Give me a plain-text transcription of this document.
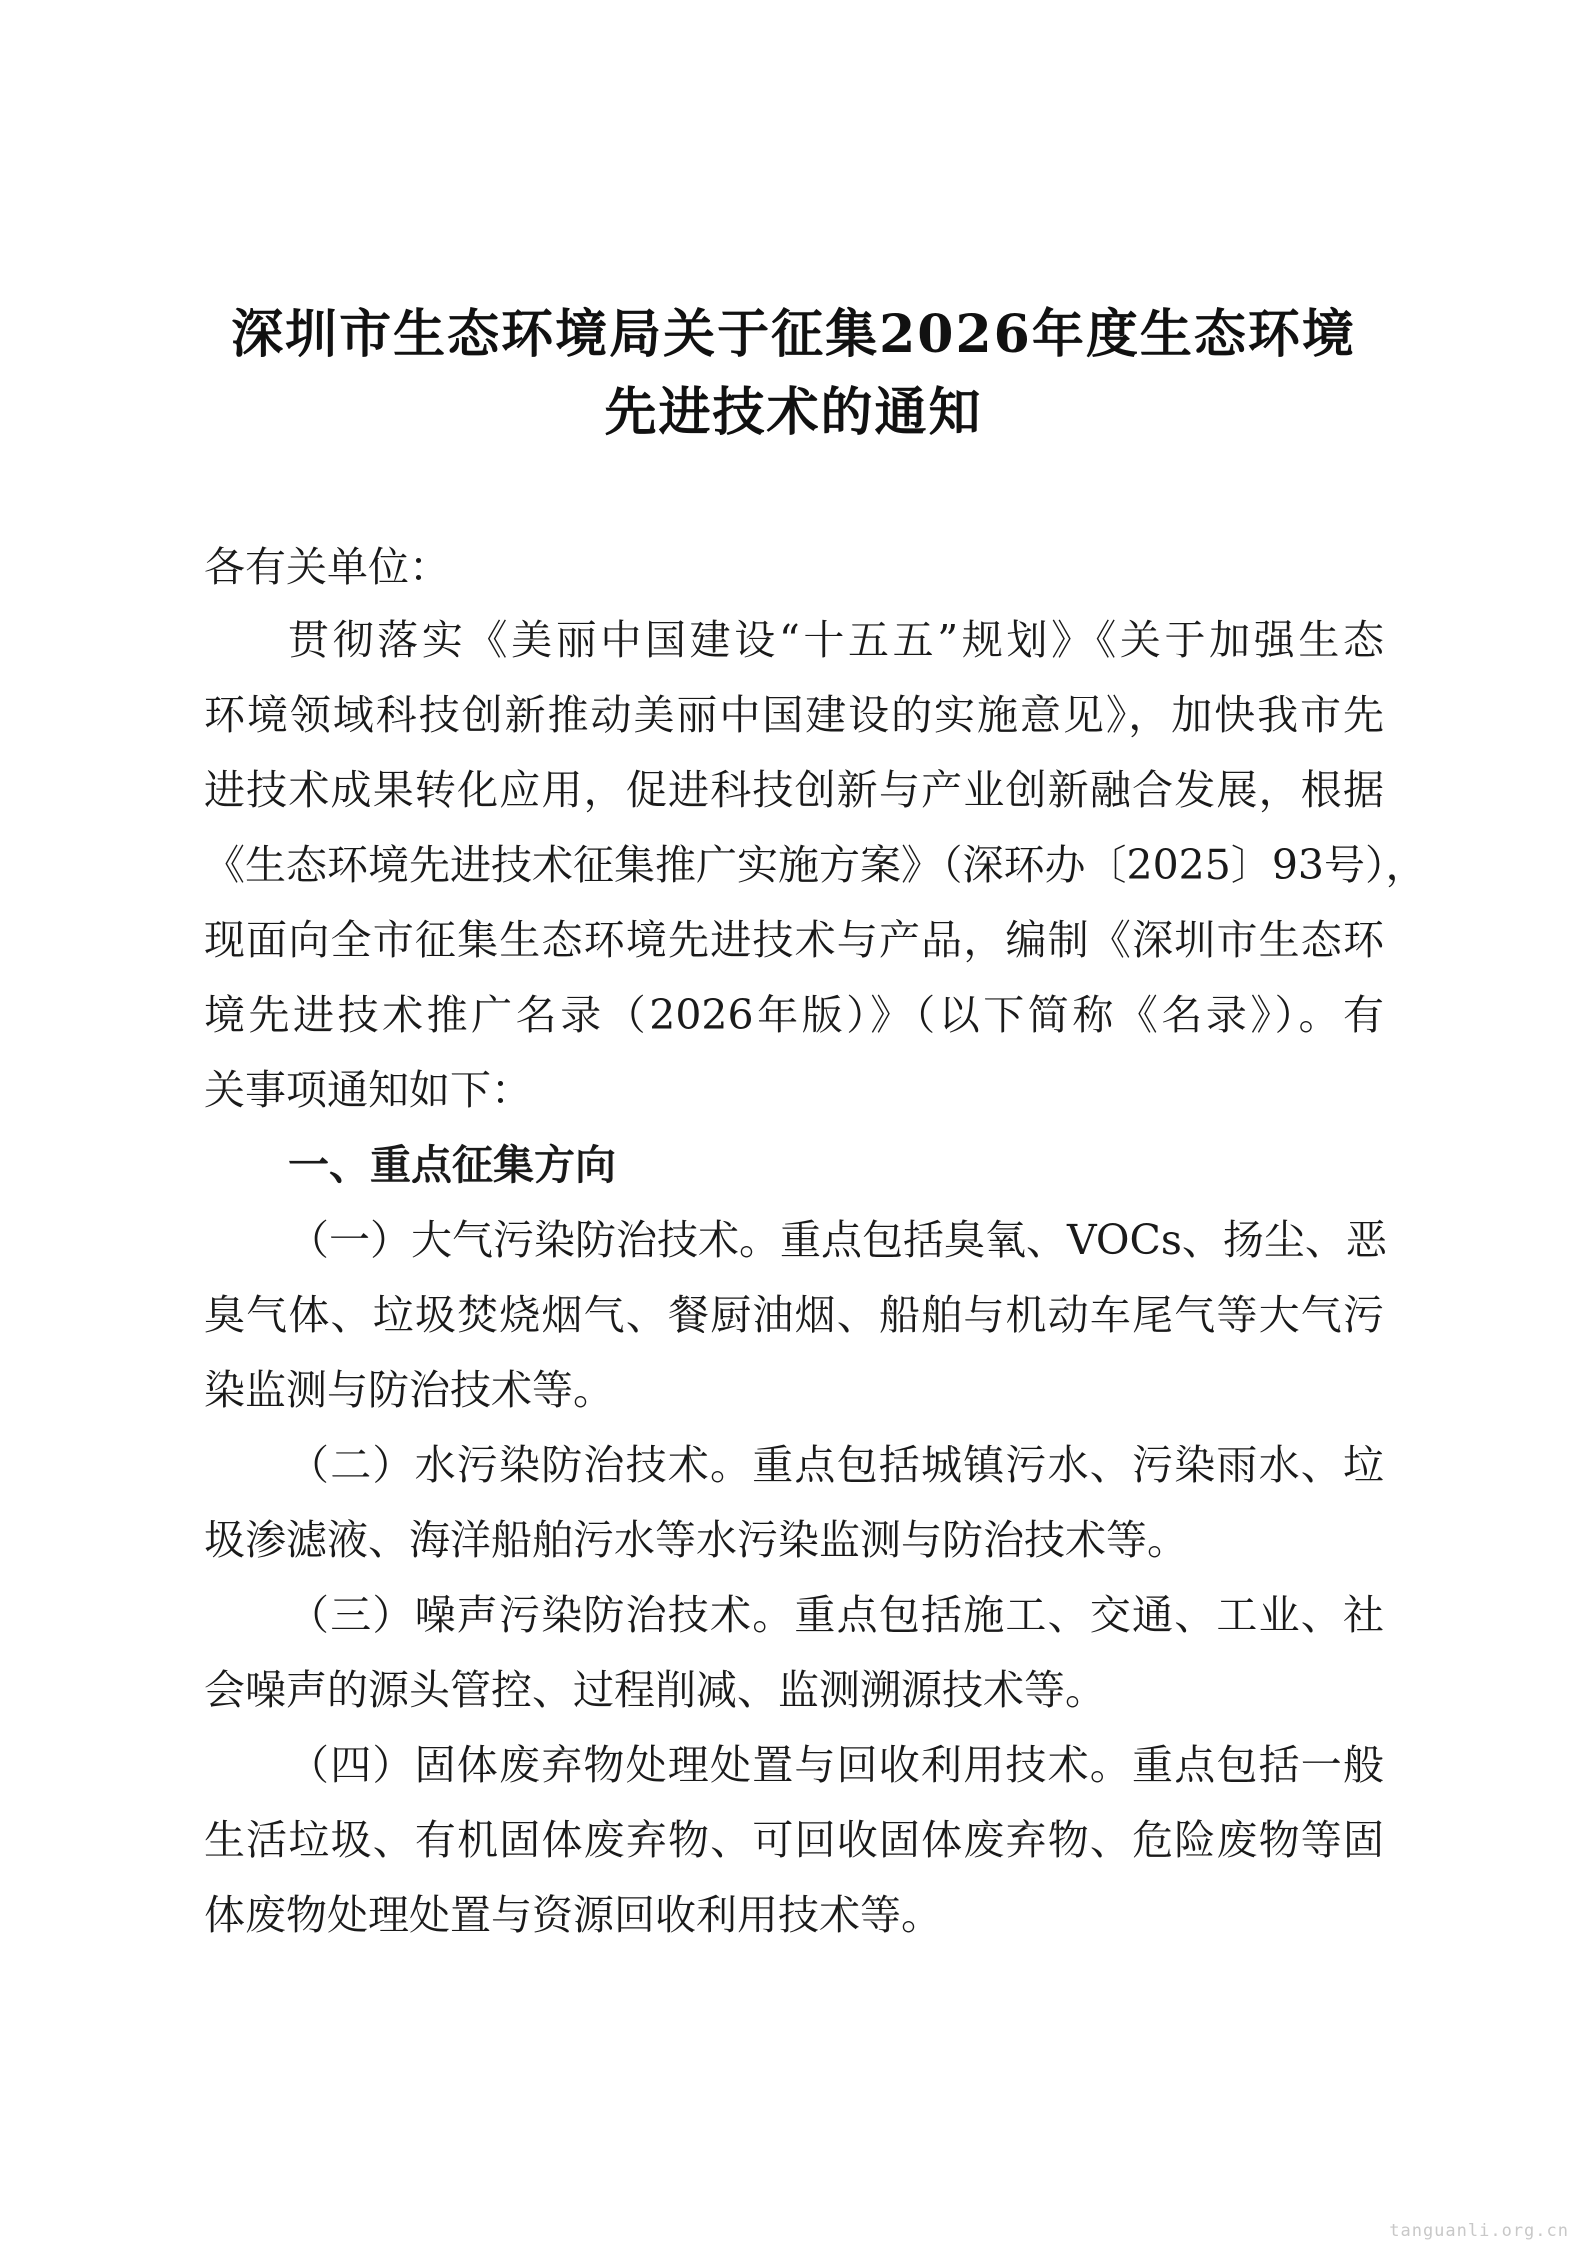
深圳市生态环境局关于征集2026年度生态环境
先进技术的通知
各有关单位：
贯彻落实《美丽中国建设“十五五”规划》《关于加强生态
环境领域科技创新推动美丽中国建设的实施意见》，加快我市先
进技术成果转化应用，促进科技创新与产业创新融合发展，根据
《生态环境先进技术征集推广实施方案》（深环办〔2025〕93号），
现面向全市征集生态环境先进技术与产品，编制《深圳市生态环
境先进技术推广名录（2026年版）》（以下简称《名录》）。有
关事项通知如下：
一、重点征集方向
（一）大气污染防治技术。重点包括臭氧、VOCs、扬尘、恶
臭气体、垃圾焚烧烟气、餐厨油烟、船舶与机动车尾气等大气污
染监测与防治技术等。
（二）水污染防治技术。重点包括城镇污水、污染雨水、垃
圾渗滤液、海洋船舶污水等水污染监测与防治技术等。
（三）噪声污染防治技术。重点包括施工、交通、工业、社
会噪声的源头管控、过程削减、监测溯源技术等。
（四）固体废弃物处理处置与回收利用技术。重点包括一般
生活垃圾、有机固体废弃物、可回收固体废弃物、危险废物等固
体废物处理处置与资源回收利用技术等。
tanguanli.org.cn
